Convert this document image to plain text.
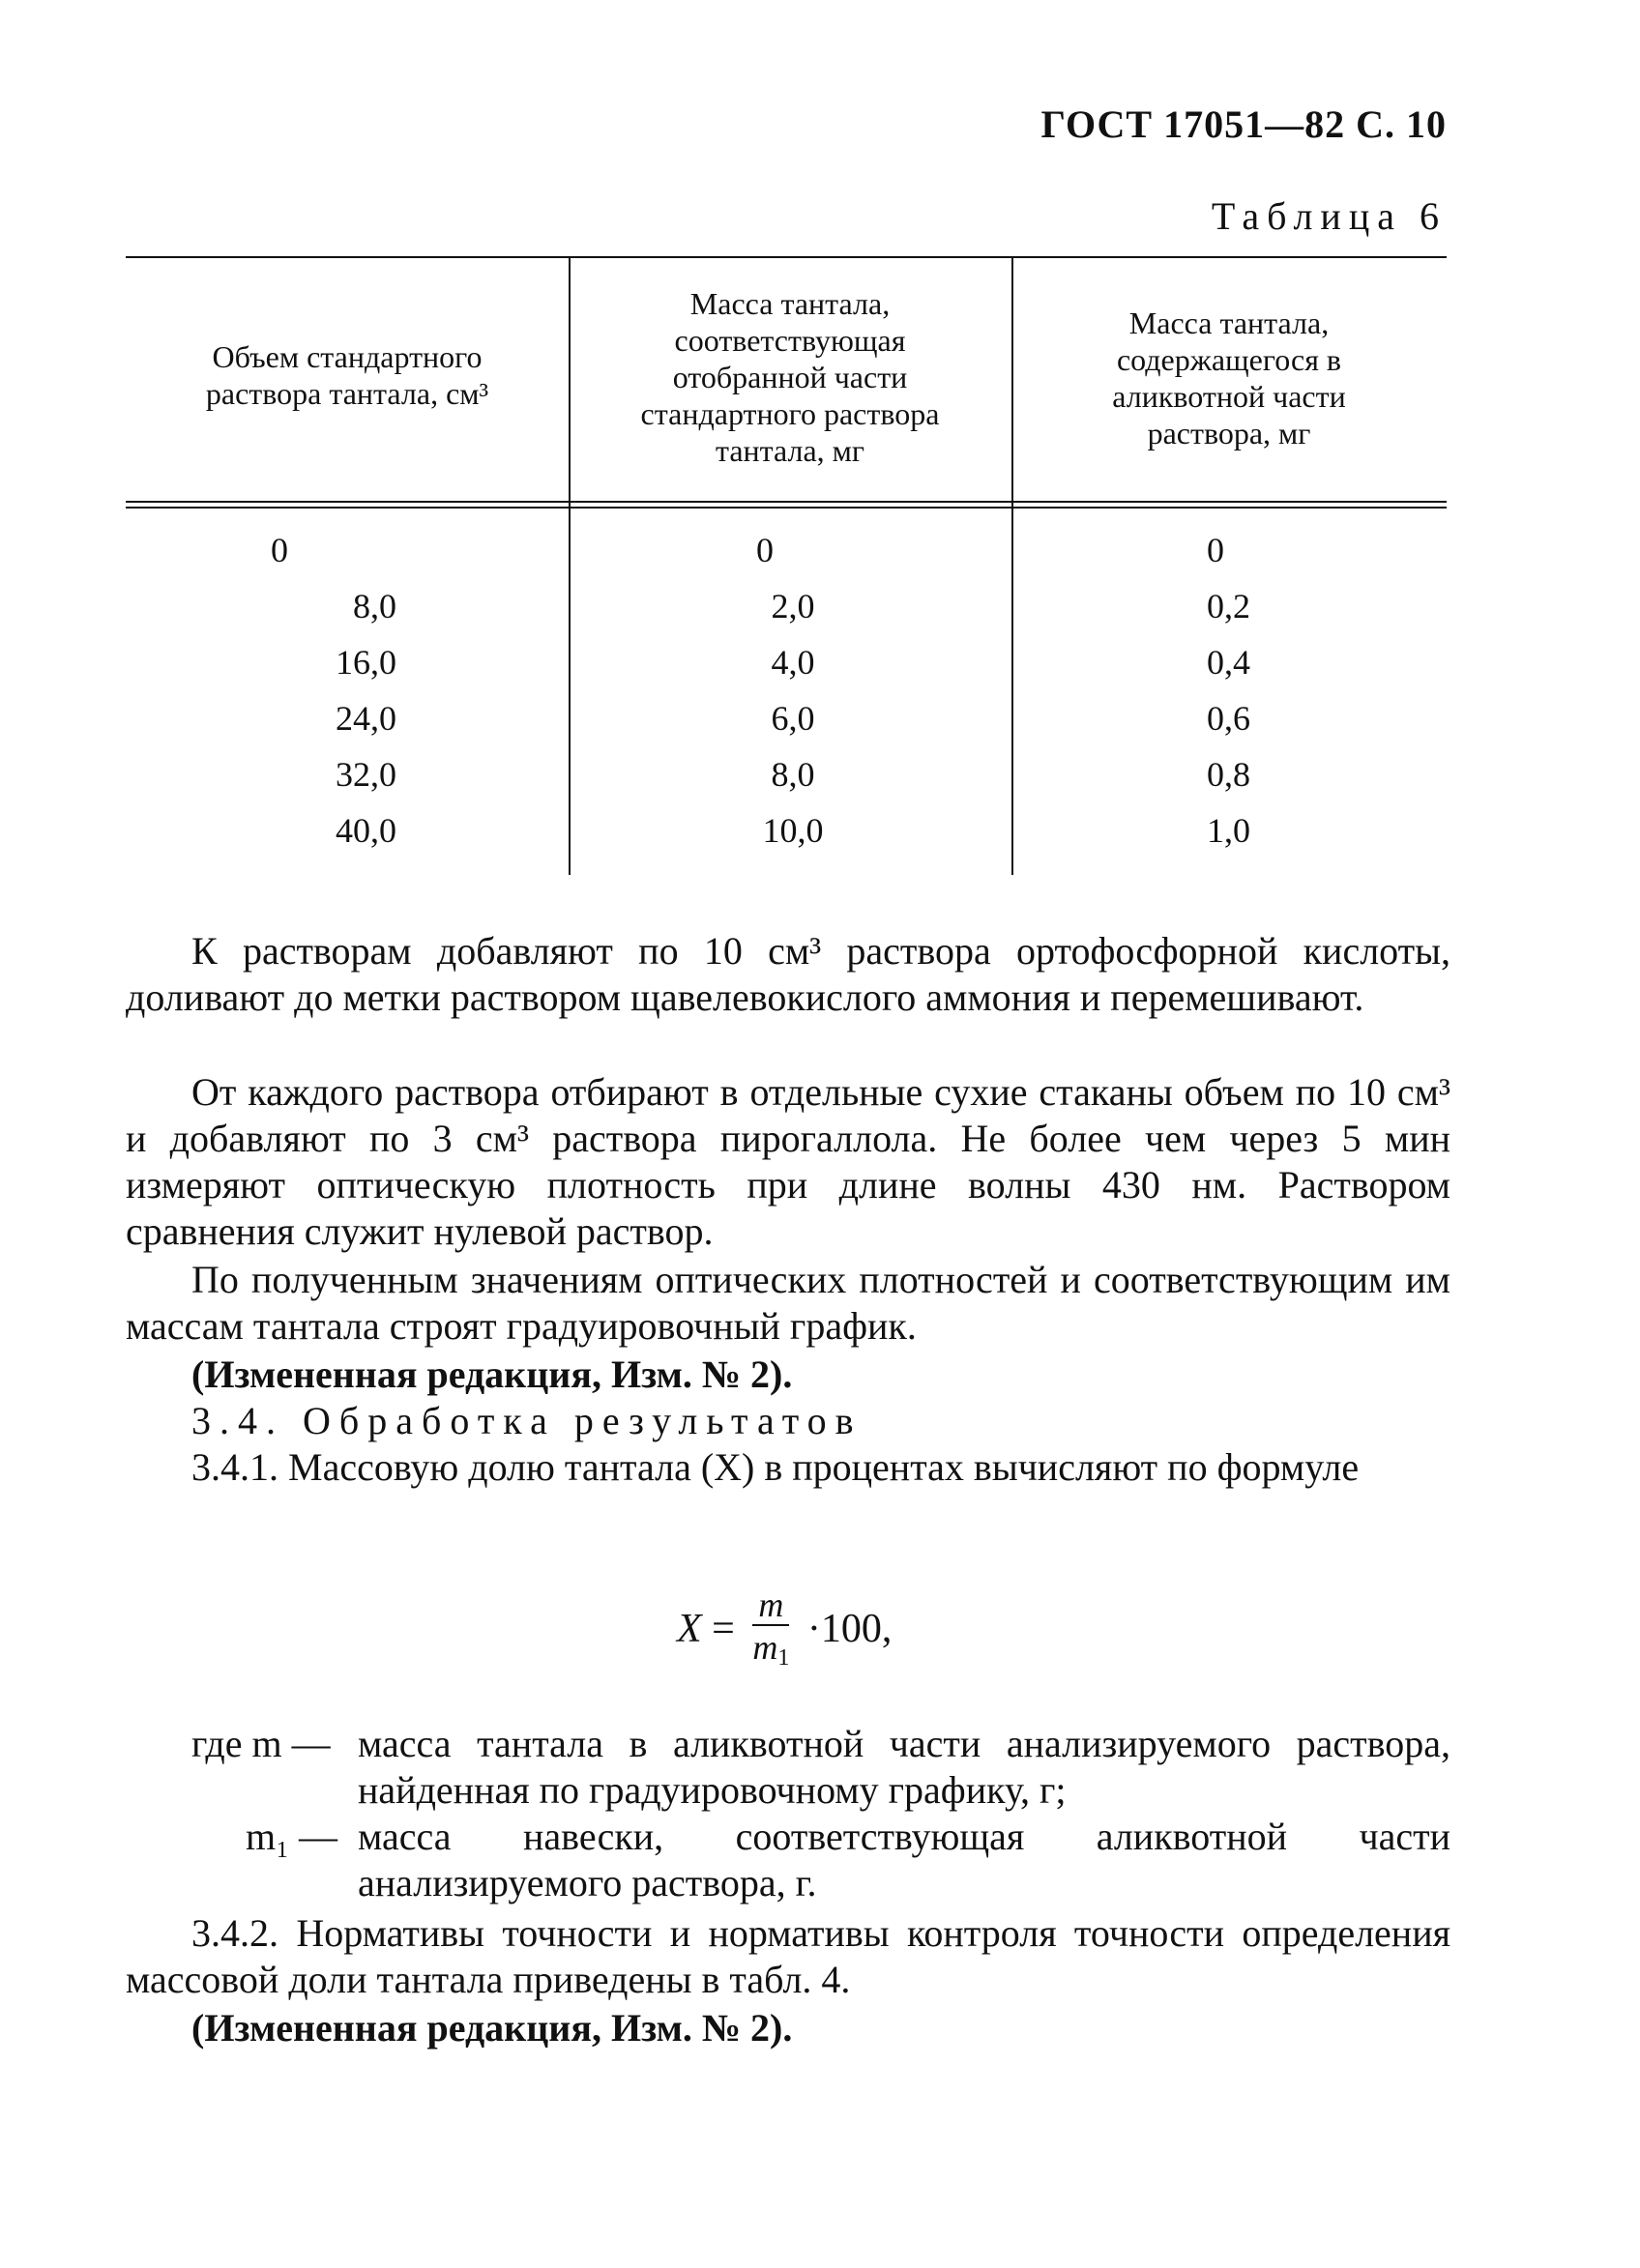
ГОСТ 17051—82 С. 10
Таблица 6
Объем стандартного
раствора тантала, см³
Масса тантала,
соответствующая
отобранной части
стандартного раствора
тантала, мг
Масса тантала,
содержащегося в
аликвотной части
раствора, мг
0
8,0
16,0
24,0
32,0
40,0
0
2,0
4,0
6,0
8,0
10,0
0
0,2
0,4
0,6
0,8
1,0
К растворам добавляют по 10 см³ раствора ортофосфорной кислоты, доливают до метки раствором щавелевокислого аммония и перемешивают.
От каждого раствора отбирают в отдельные сухие стаканы объем по 10 см³ и добавляют по 3 см³ раствора пирогаллола. Не более чем через 5 мин измеряют оптическую плотность при длине волны 430 нм. Раствором сравнения служит нулевой раствор.
По полученным значениям оптических плотностей и соответствующим им массам тантала строят градуировочный график.
(Измененная редакция, Изм. № 2).
3.4. Обработка результатов
3.4.1. Массовую долю тантала (X) в процентах вычисляют по формуле
$X = \frac{m}{m_1} \cdot 100$,
где m — масса тантала в аликвотной части анализируемого раствора, найденная по градуировочному графику, г;
m₁ — масса навески, соответствующая аликвотной части анализируемого раствора, г.
3.4.2. Нормативы точности и нормативы контроля точности определения массовой доли тантала приведены в табл. 4.
(Измененная редакция, Изм. № 2).
